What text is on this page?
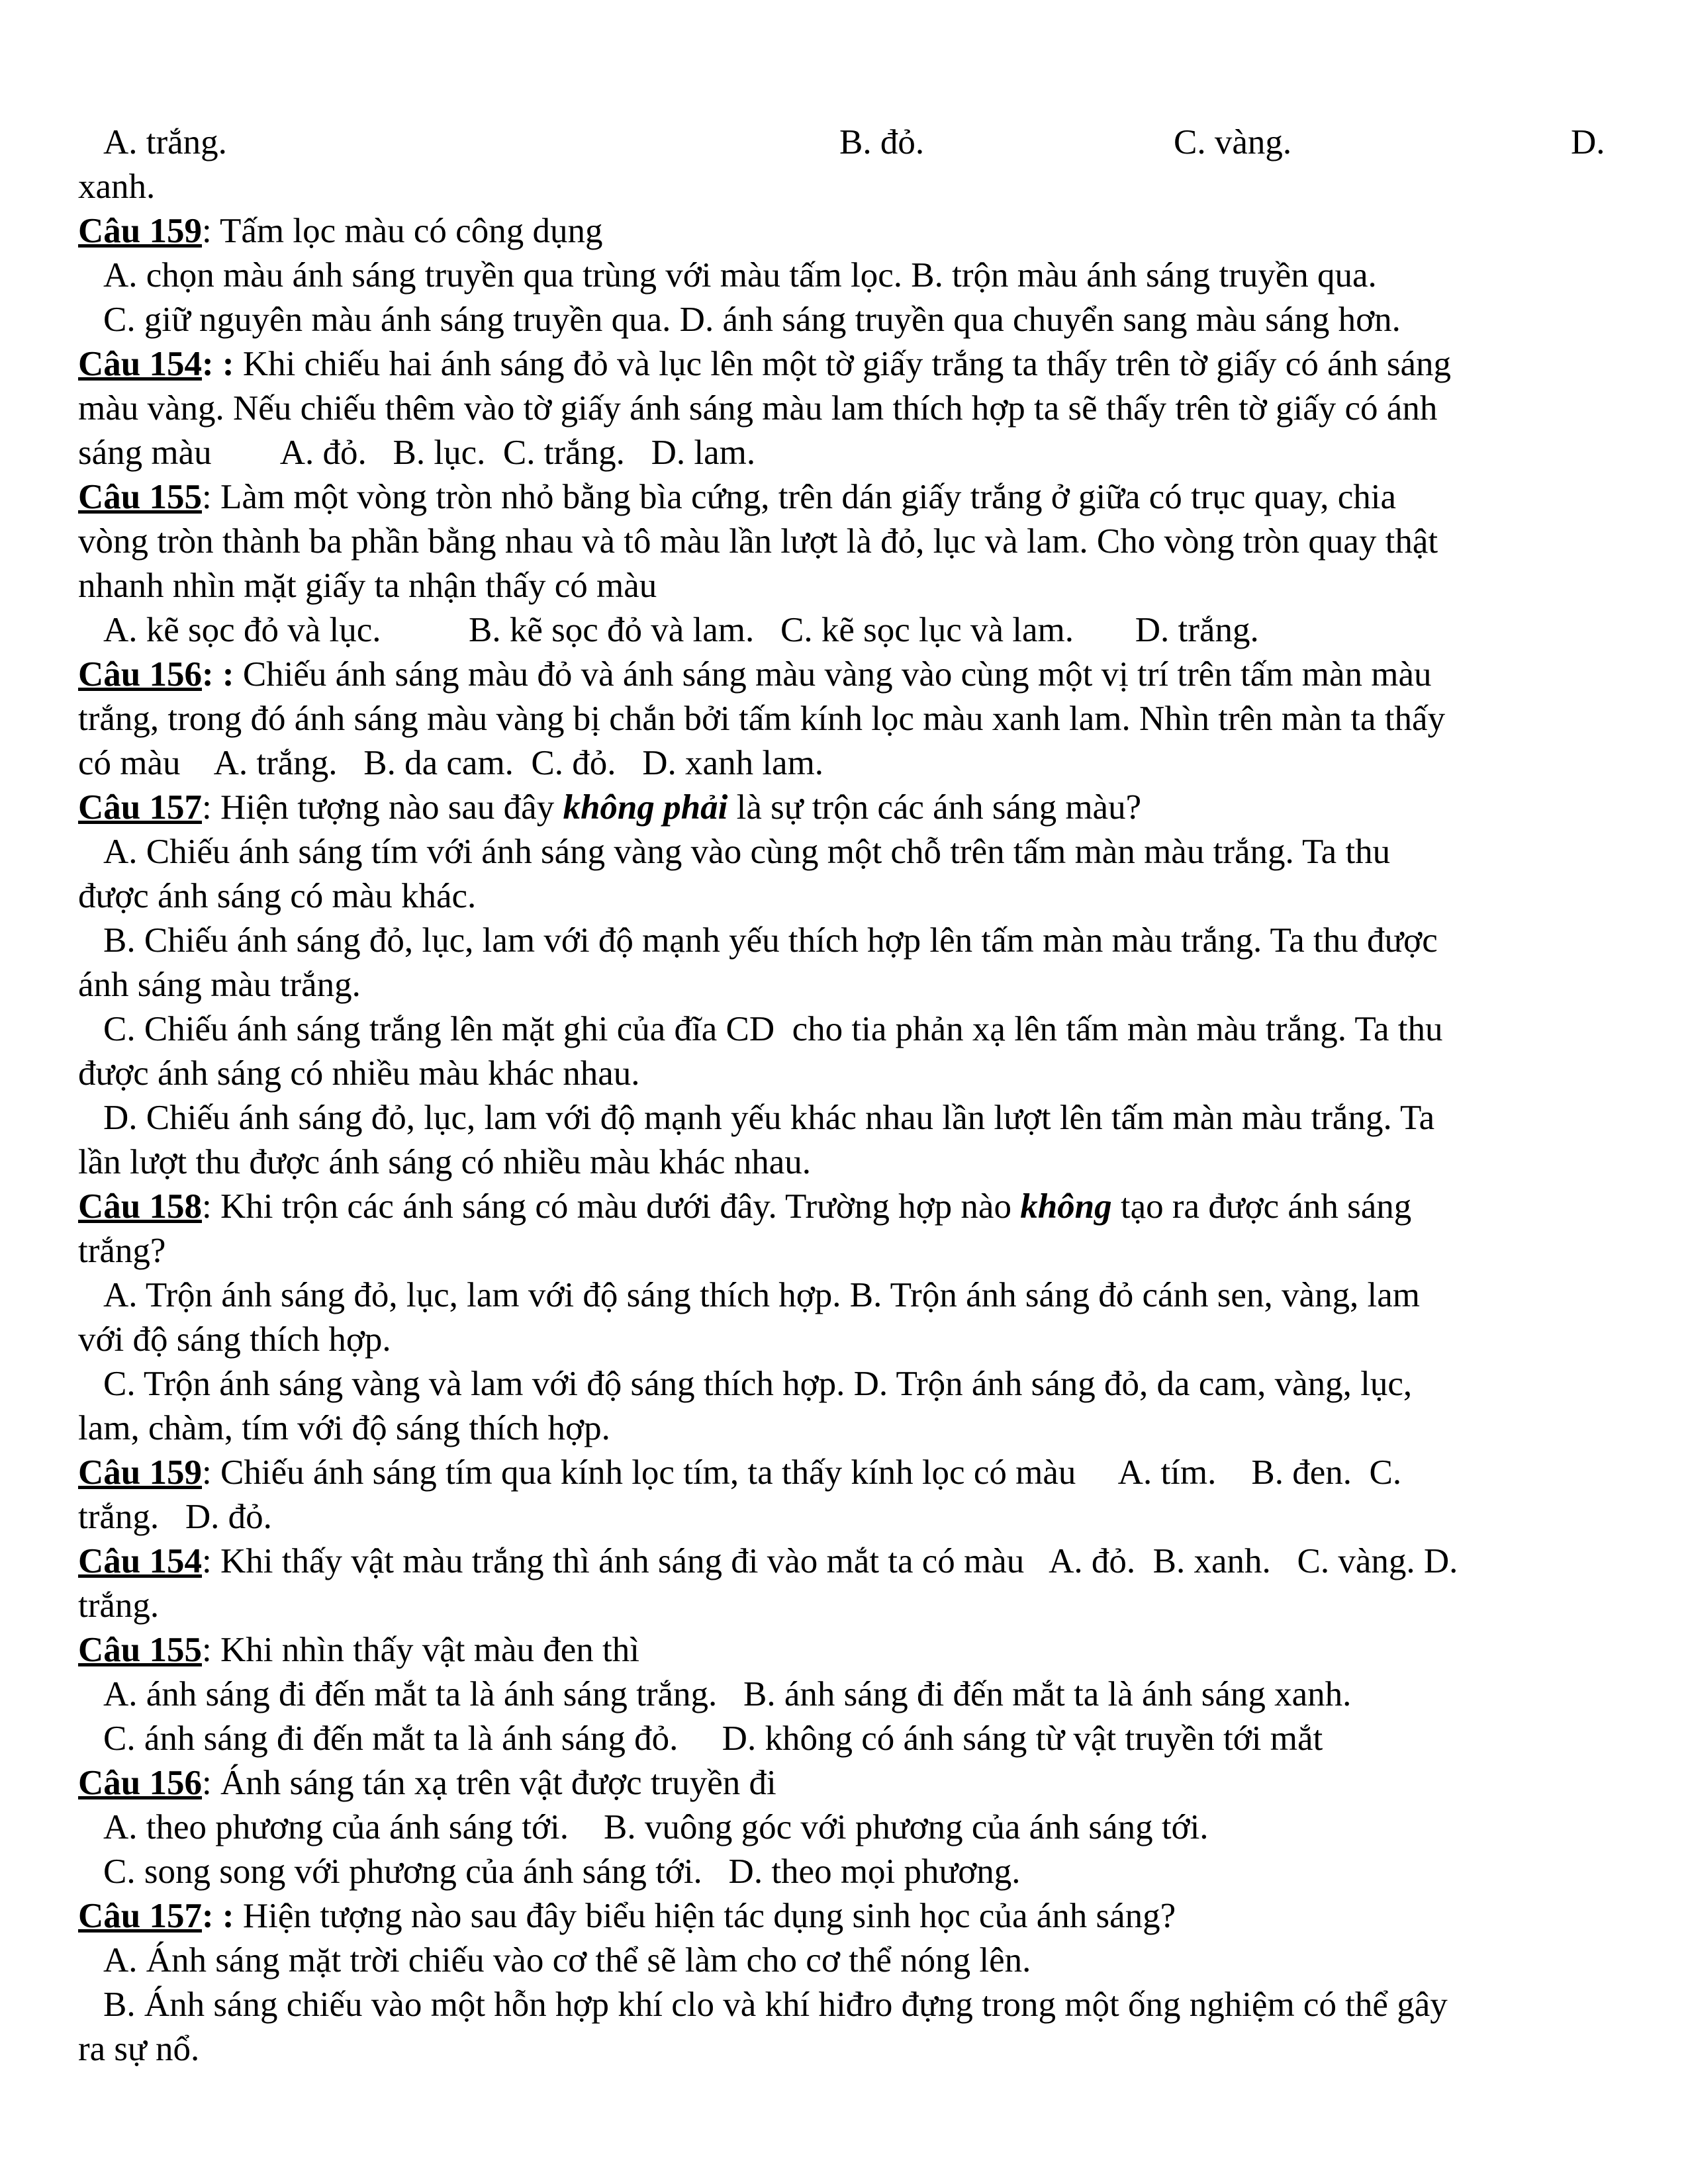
A. trắng.	B. đỏ.	C. vàng.	D.
xanh.
Câu 159: Tấm lọc màu có công dụng
A. chọn màu ánh sáng truyền qua trùng với màu tấm lọc. B. trộn màu ánh sáng truyền qua.
C. giữ nguyên màu ánh sáng truyền qua. D. ánh sáng truyền qua chuyển sang màu sáng hơn.
Câu 154: : Khi chiếu hai ánh sáng đỏ và lục lên một tờ giấy trắng ta thấy trên tờ giấy có ánh sáng
màu vàng. Nếu chiếu thêm vào tờ giấy ánh sáng màu lam thích hợp ta sẽ thấy trên tờ giấy có ánh
sáng màu        A. đỏ.   B. lục.  C. trắng.   D. lam.
Câu 155: Làm một vòng tròn nhỏ bằng bìa cứng, trên dán giấy trắng ở giữa có trục quay, chia
vòng tròn thành ba phần bằng nhau và tô màu lần lượt là đỏ, lục và lam. Cho vòng tròn quay thật
nhanh nhìn mặt giấy ta nhận thấy có màu
A. kẽ sọc đỏ và lục.          B. kẽ sọc đỏ và lam.   C. kẽ sọc lục và lam.       D. trắng.
Câu 156: : Chiếu ánh sáng màu đỏ và ánh sáng màu vàng vào cùng một vị trí trên tấm màn màu
trắng, trong đó ánh sáng màu vàng bị chắn bởi tấm kính lọc màu xanh lam. Nhìn trên màn ta thấy
có màu    A. trắng.   B. da cam.  C. đỏ.   D. xanh lam.
Câu 157: Hiện tượng nào sau đây không phải là sự trộn các ánh sáng màu?
A. Chiếu ánh sáng tím với ánh sáng vàng vào cùng một chỗ trên tấm màn màu trắng. Ta thu
được ánh sáng có màu khác.
B. Chiếu ánh sáng đỏ, lục, lam với độ mạnh yếu thích hợp lên tấm màn màu trắng. Ta thu được
ánh sáng màu trắng.
C. Chiếu ánh sáng trắng lên mặt ghi của đĩa CD  cho tia phản xạ lên tấm màn màu trắng. Ta thu
được ánh sáng có nhiều màu khác nhau.
D. Chiếu ánh sáng đỏ, lục, lam với độ mạnh yếu khác nhau lần lượt lên tấm màn màu trắng. Ta
lần lượt thu được ánh sáng có nhiều màu khác nhau.
Câu 158: Khi trộn các ánh sáng có màu dưới đây. Trường hợp nào không tạo ra được ánh sáng
trắng?
A. Trộn ánh sáng đỏ, lục, lam với độ sáng thích hợp. B. Trộn ánh sáng đỏ cánh sen, vàng, lam
với độ sáng thích hợp.
C. Trộn ánh sáng vàng và lam với độ sáng thích hợp. D. Trộn ánh sáng đỏ, da cam, vàng, lục,
lam, chàm, tím với độ sáng thích hợp.
Câu 159: Chiếu ánh sáng tím qua kính lọc tím, ta thấy kính lọc có màu     A. tím.    B. đen.  C.
trắng.   D. đỏ.
Câu 154: Khi thấy vật màu trắng thì ánh sáng đi vào mắt ta có màu   A. đỏ.  B. xanh.   C. vàng. D.
trắng.
Câu 155: Khi nhìn thấy vật màu đen thì
A. ánh sáng đi đến mắt ta là ánh sáng trắng.   B. ánh sáng đi đến mắt ta là ánh sáng xanh.
C. ánh sáng đi đến mắt ta là ánh sáng đỏ.     D. không có ánh sáng từ vật truyền tới mắt
Câu 156: Ánh sáng tán xạ trên vật được truyền đi
A. theo phương của ánh sáng tới.    B. vuông góc với phương của ánh sáng tới.
C. song song với phương của ánh sáng tới.   D. theo mọi phương.
Câu 157: : Hiện tượng nào sau đây biểu hiện tác dụng sinh học của ánh sáng?
A. Ánh sáng mặt trời chiếu vào cơ thể sẽ làm cho cơ thể nóng lên.
B. Ánh sáng chiếu vào một hỗn hợp khí clo và khí hiđro đựng trong một ống nghiệm có thể gây
ra sự nổ.
